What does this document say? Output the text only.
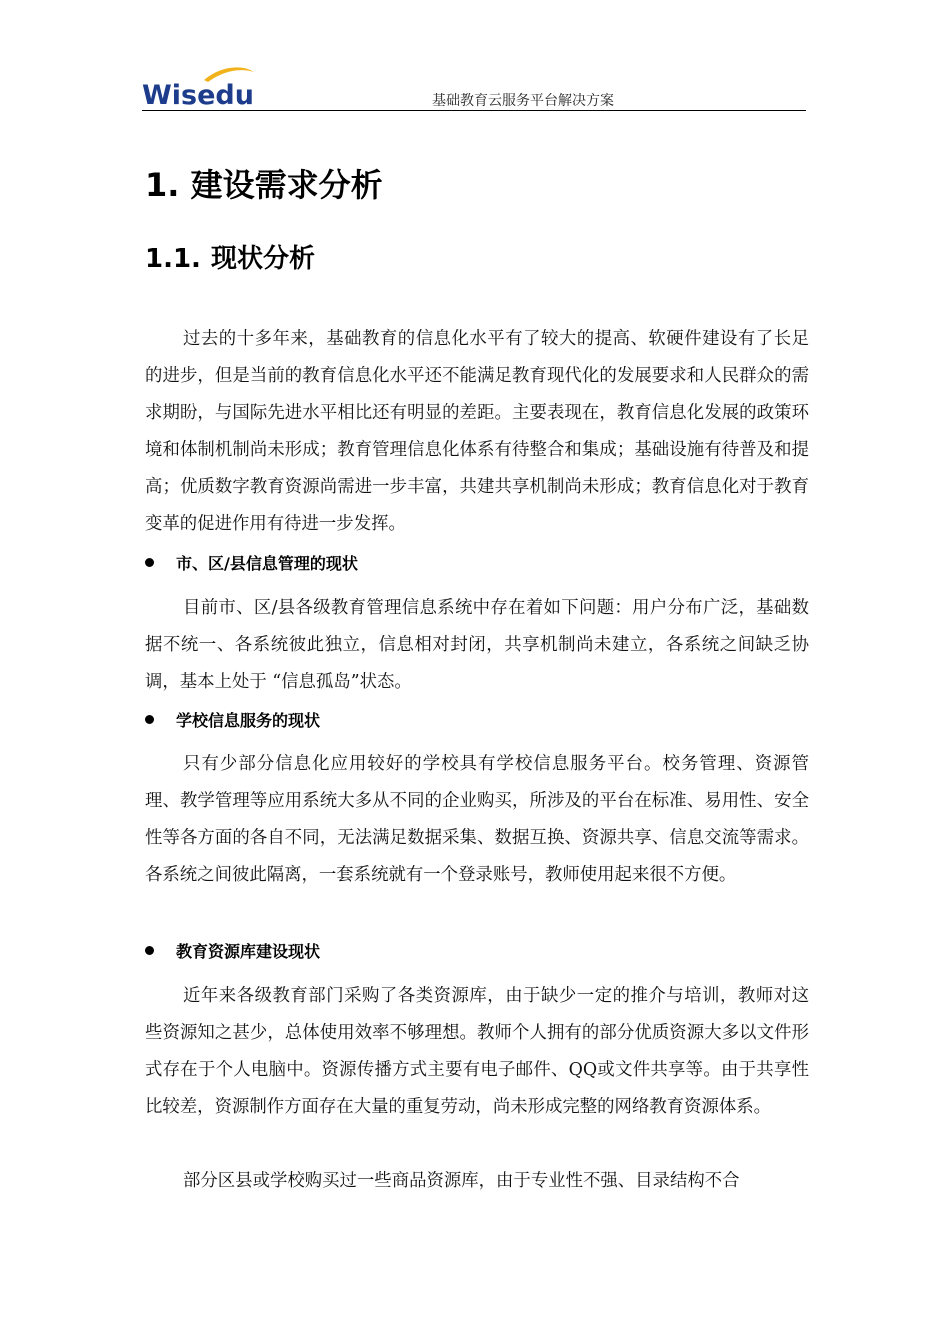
Wisedu	基础教育云服务平台解决方案
1. 建设需求分析
1.1. 现状分析
过去的十多年来，基础教育的信息化水平有了较大的提高、软硬件建设有了长足的进步，但是当前的教育信息化水平还不能满足教育现代化的发展要求和人民群众的需求期盼，与国际先进水平相比还有明显的差距。主要表现在，教育信息化发展的政策环境和体制机制尚未形成；教育管理信息化体系有待整合和集成；基础设施有待普及和提高；优质数字教育资源尚需进一步丰富，共建共享机制尚未形成；教育信息化对于教育变革的促进作用有待进一步发挥。
市、区/县信息管理的现状
目前市、区/县各级教育管理信息系统中存在着如下问题：用户分布广泛，基础数据不统一、各系统彼此独立，信息相对封闭，共享机制尚未建立，各系统之间缺乏协调，基本上处于 “信息孤岛”状态。
学校信息服务的现状
只有少部分信息化应用较好的学校具有学校信息服务平台。校务管理、资源管理、教学管理等应用系统大多从不同的企业购买，所涉及的平台在标准、易用性、安全性等各方面的各自不同，无法满足数据采集、数据互换、资源共享、信息交流等需求。各系统之间彼此隔离，一套系统就有一个登录账号，教师使用起来很不方便。
教育资源库建设现状
近年来各级教育部门采购了各类资源库，由于缺少一定的推介与培训，教师对这些资源知之甚少，总体使用效率不够理想。教师个人拥有的部分优质资源大多以文件形式存在于个人电脑中。资源传播方式主要有电子邮件、QQ或文件共享等。由于共享性比较差，资源制作方面存在大量的重复劳动，尚未形成完整的网络教育资源体系。
部分区县或学校购买过一些商品资源库，由于专业性不强、目录结构不合
